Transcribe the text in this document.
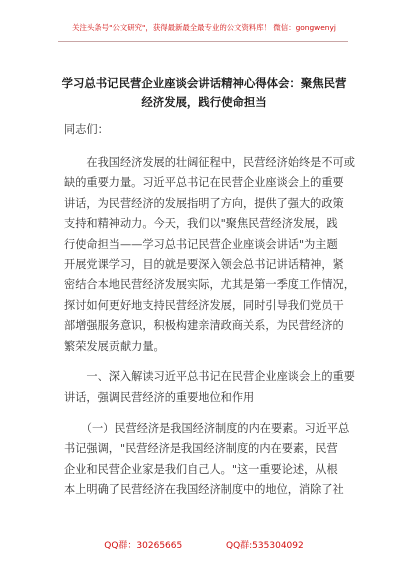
关注头条号"公文研究"，获得最新最全最专业的公文资料库！ 微信：gongwenyj
学习总书记民营企业座谈会讲话精神心得体会：聚焦民营
经济发展，践行使命担当

同志们：

　　在我国经济发展的壮阔征程中，民营经济始终是不可或
缺的重要力量。习近平总书记在民营企业座谈会上的重要
讲话，为民营经济的发展指明了方向，提供了强大的政策
支持和精神动力。今天，我们以"聚焦民营经济发展，践
行使命担当——学习总书记民营企业座谈会讲话"为主题
开展党课学习，目的就是要深入领会总书记讲话精神，紧
密结合本地民营经济发展实际，尤其是第一季度工作情况，
探讨如何更好地支持民营经济发展，同时引导我们党员干
部增强服务意识，积极构建亲清政商关系，为民营经济的
繁荣发展贡献力量。

　　一、深入解读习近平总书记在民营企业座谈会上的重要
讲话，强调民营经济的重要地位和作用

　　（一）民营经济是我国经济制度的内在要素。习近平总
书记强调，"民营经济是我国经济制度的内在要素，民营
企业和民营企业家是我们自己人。"这一重要论述，从根
本上明确了民营经济在我国经济制度中的地位，消除了社

QQ群：30265665	QQ群:535304092
